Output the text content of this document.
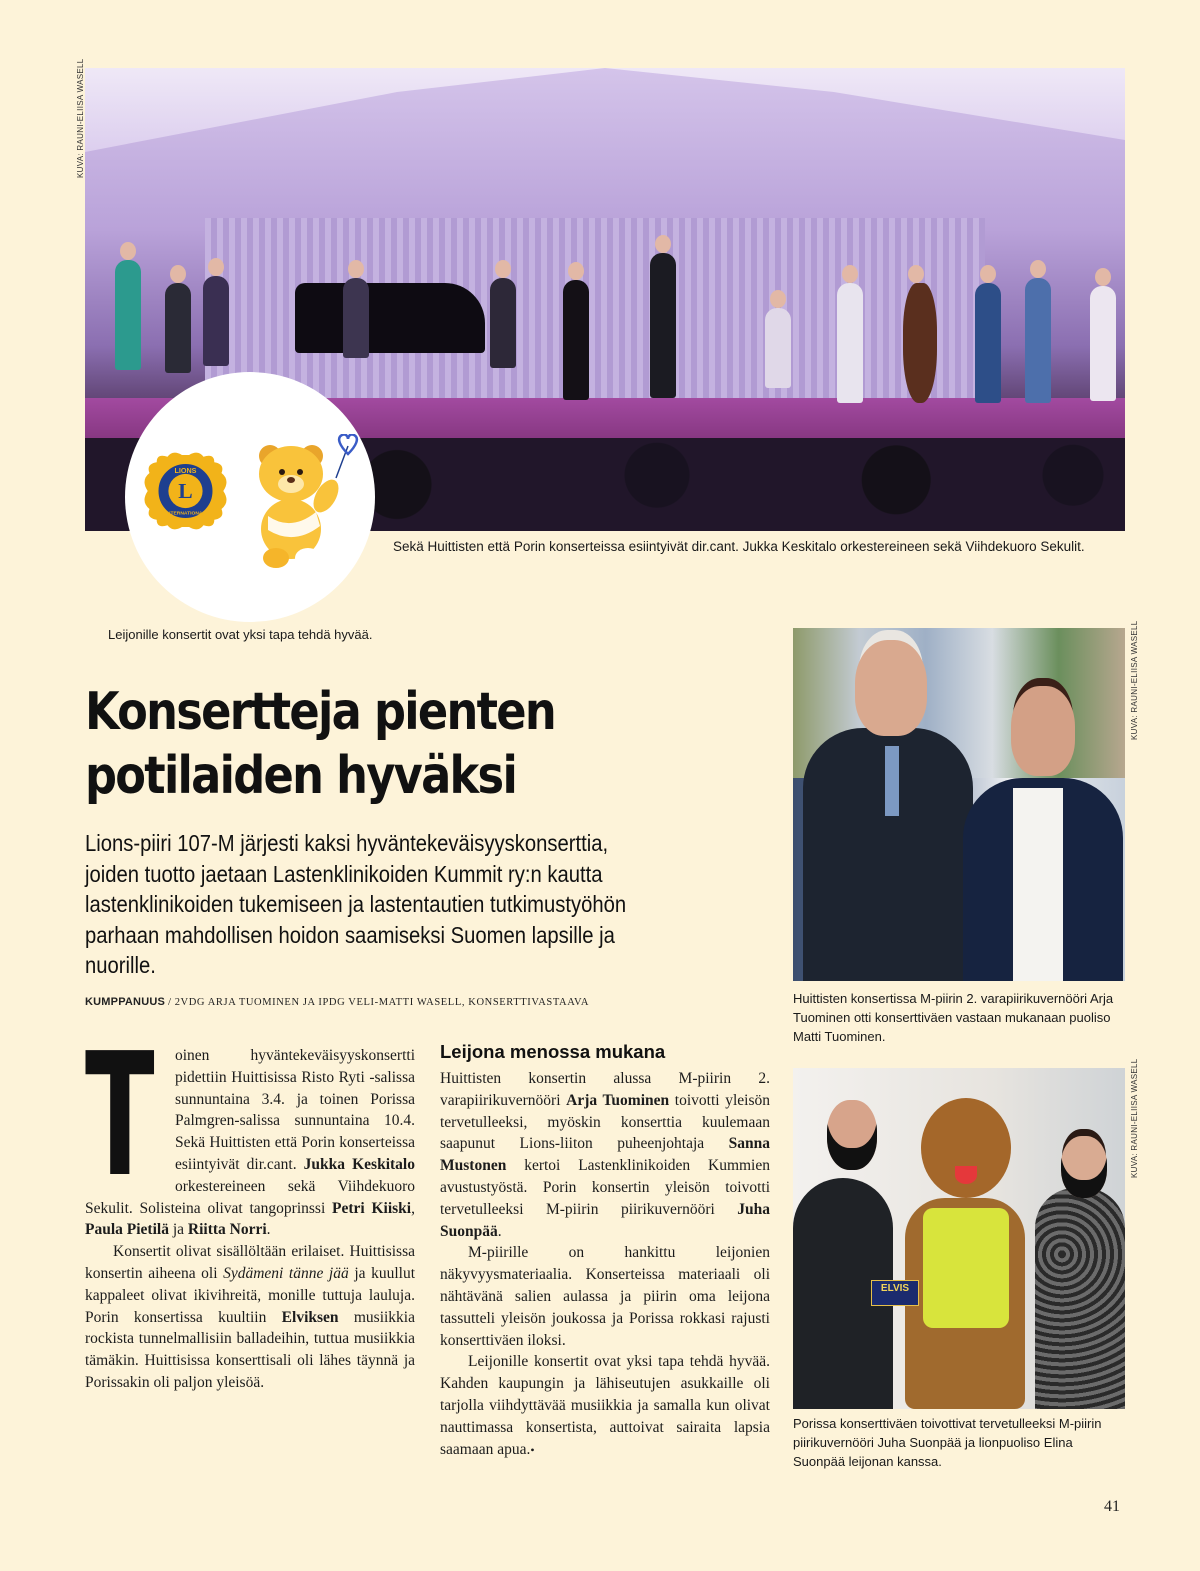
KUVA: RAUNI-ELIISA WASELL
L
LIONS
INTERNATIONAL
Sekä Huittisten että Porin konserteissa esiintyivät dir.cant. Jukka Keskitalo orkestereineen sekä Viihdekuoro Sekulit.
Leijonille konsertit ovat yksi tapa tehdä hyvää.
Konsertteja pienten
potilaiden hyväksi

Lions-piiri 107-M järjesti kaksi hyväntekeväisyyskonserttia, joiden tuotto jaetaan Lastenklinikoiden Kummit ry:n kautta lastenklinikoiden tukemiseen ja lastentautien tutkimustyöhön parhaan mahdollisen hoidon saamiseksi Suomen lapsille ja nuorille.

KUMPPANUUS / 2VDG ARJA TUOMINEN JA IPDG VELI-MATTI WASELL, KONSERTTIVASTAAVA

T oinen hyväntekeväisyyskonsertti pidettiin Huittisissa Risto Ryti -salissa sunnuntaina 3.4. ja toinen Porissa Palmgren-salissa sunnuntaina 10.4. Sekä Huittisten että Porin konserteissa esiintyivät dir.cant. Jukka Keskitalo orkestereineen sekä Viihdekuoro Sekulit. Solisteina olivat tangoprinssi Petri Kiiski, Paula Pietilä ja Riitta Norri.

Konsertit olivat sisällöltään erilaiset. Huittisissa konsertin aiheena oli Sydämeni tänne jää ja kuullut kappaleet olivat ikivihreitä, monille tuttuja lauluja. Porin konsertissa kuultiin Elviksen musiikkia rockista tunnelmallisiin balladeihin, tuttua musiikkia tämäkin. Huittisissa konserttisali oli lähes täynnä ja Porissakin oli paljon yleisöä.

Leijona menossa mukana

Huittisten konsertin alussa M-piirin 2. varapiirikuvernööri Arja Tuominen toivotti yleisön tervetulleeksi, myöskin konserttia kuulemaan saapunut Lions-liiton puheenjohtaja Sanna Mustonen kertoi Lastenklinikoiden Kummien avustustyöstä. Porin konsertin yleisön toivotti tervetulleeksi M-piirin piirikuvernööri Juha Suonpää.

M-piirille on hankittu leijonien näkyvyysmateriaalia. Konserteissa materiaali oli nähtävänä salien aulassa ja piirin oma leijona tassutteli yleisön joukossa ja Porissa rokkasi rajusti konserttiväen iloksi.

Leijonille konsertit ovat yksi tapa tehdä hyvää. Kahden kaupungin ja lähiseutujen asukkaille oli tarjolla viihdyttävää musiikkia ja samalla kun olivat nauttimassa konsertista, auttoivat sairaita lapsia saamaan apua.•

KUVA: RAUNI-ELIISA WASELL
Huittisten konsertissa M-piirin 2. varapiirikuvernööri Arja Tuominen otti konserttiväen vastaan mukanaan puoliso Matti Tuominen.
ELVIS
KUVA: RAUNI-ELIISA WASELL
Porissa konserttiväen toivottivat tervetulleeksi M-piirin piirikuvernööri Juha Suonpää ja lionpuoliso Elina Suonpää leijonan kanssa.
41
